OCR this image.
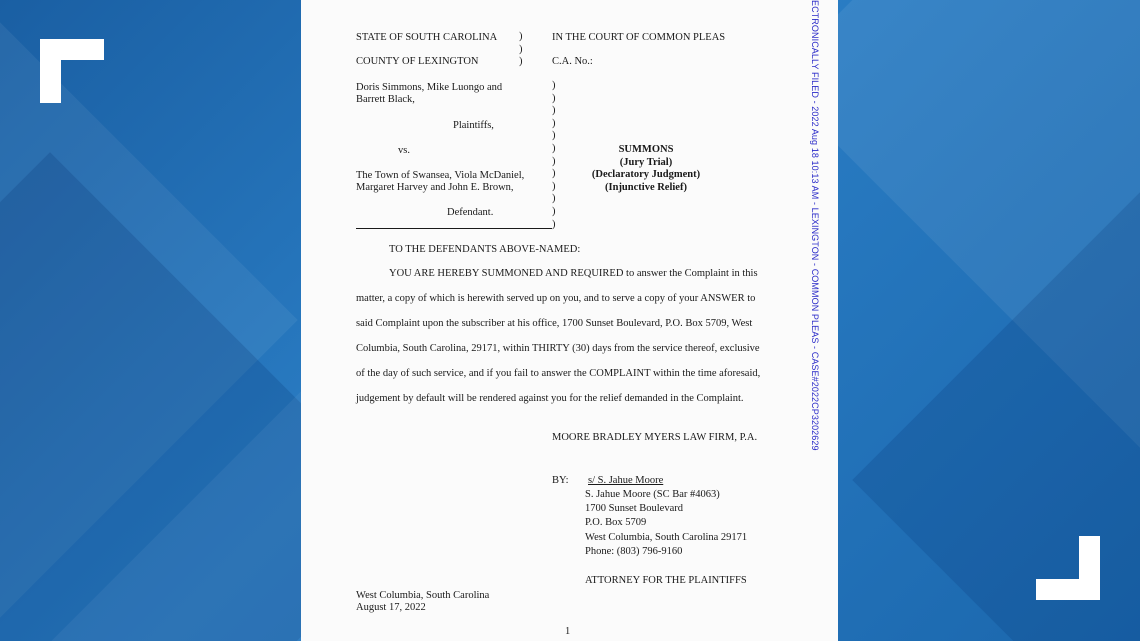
STATE OF SOUTH CAROLINA
COUNTY OF LEXINGTON
)
)
)
IN THE COURT OF COMMON PLEAS
C.A. No.:
Doris Simmons, Mike Luongo and
Barrett Black,
Plaintiffs,
vs.
The Town of Swansea, Viola McDaniel,
Margaret Harvey and John E. Brown,
Defendant.
)
)
)
)
)
)
)
)
)
)
)
)
SUMMONS
(Jury Trial)
(Declaratory Judgment)
(Injunctive Relief)
TO THE DEFENDANTS ABOVE-NAMED:
YOU ARE HEREBY SUMMONED AND REQUIRED to answer the Complaint in this
matter, a copy of which is herewith served up on you, and to serve a copy of your ANSWER to
said Complaint upon the subscriber at his office, 1700 Sunset Boulevard, P.O. Box 5709, West
Columbia, South Carolina, 29171, within THIRTY (30) days from the service thereof, exclusive
of the day of such service, and if you fail to answer the COMPLAINT within the time aforesaid,
judgement by default will be rendered against you for the relief demanded in the Complaint.
MOORE BRADLEY MYERS LAW FIRM, P.A.
BY: s/ S. Jahue Moore
S. Jahue Moore (SC Bar #4063)
1700 Sunset Boulevard
P.O. Box 5709
West Columbia, South Carolina 29171
Phone: (803) 796-9160
ATTORNEY FOR THE PLAINTIFFS
West Columbia, South Carolina
August 17, 2022
1
ECTRONICALLY FILED - 2022 Aug 18 10:13 AM - LEXINGTON - COMMON PLEAS - CASE#2022CP3202629
